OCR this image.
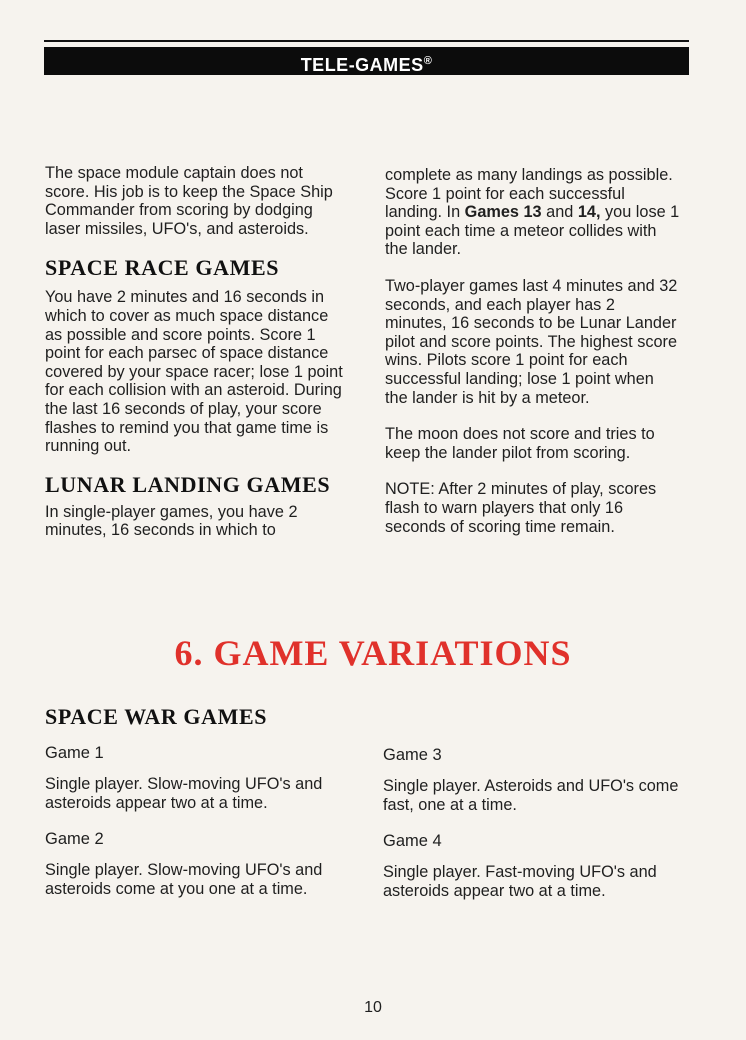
TELE-GAMES®

The space module captain does not score. His job is to keep the Space Ship Commander from scoring by dodging laser missiles, UFO's, and asteroids.

SPACE RACE GAMES

You have 2 minutes and 16 seconds in which to cover as much space distance as possible and score points. Score 1 point for each parsec of space distance covered by your space racer; lose 1 point for each collision with an asteroid. During the last 16 seconds of play, your score flashes to remind you that game time is running out.

LUNAR LANDING GAMES

In single-player games, you have 2 minutes, 16 seconds in which to

complete as many landings as possible. Score 1 point for each successful landing. In Games 13 and 14, you lose 1 point each time a meteor collides with the lander.

Two-player games last 4 minutes and 32 seconds, and each player has 2 minutes, 16 seconds to be Lunar Lander pilot and score points. The highest score wins. Pilots score 1 point for each successful landing; lose 1 point when the lander is hit by a meteor.

The moon does not score and tries to keep the lander pilot from scoring.

NOTE: After 2 minutes of play, scores flash to warn players that only 16 seconds of scoring time remain.

6. GAME VARIATIONS
SPACE WAR GAMES
Game 1

Single player. Slow-moving UFO's and asteroids appear two at a time.

Game 2

Single player. Slow-moving UFO's and asteroids come at you one at a time.

Game 3

Single player. Asteroids and UFO's come fast, one at a time.

Game 4

Single player. Fast-moving UFO's and asteroids appear two at a time.

10
